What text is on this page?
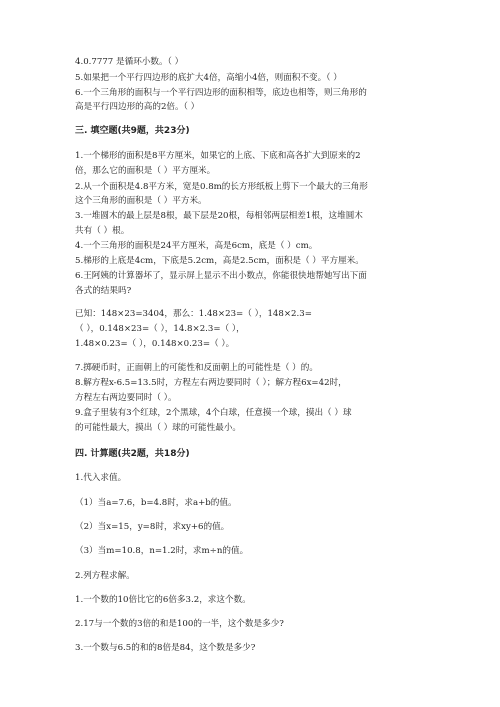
4.0.7777 是循环小数。（ ）
5.如果把一个平行四边形的底扩大4倍，高缩小4倍，则面积不变。（ ）
6.一个三角形的面积与一个平行四边形的面积相等，底边也相等，则三角形的
高是平行四边形的高的2倍。（ ）
三. 填空题(共9题，共23分)
1.一个梯形的面积是8平方厘米，如果它的上底、下底和高各扩大到原来的2
倍，那么它的面积是（ ）平方厘米。
2.从一个面积是4.8平方米，宽是0.8m的长方形纸板上剪下一个最大的三角形
这个三角形的面积是（ ）平方米。
3.一堆圆木的最上层是8根，最下层是20根，每相邻两层相差1根，这堆圆木
共有（ ）根。
4.一个三角形的面积是24平方厘米，高是6cm，底是（ ）cm。
5.梯形的上底是4cm，下底是5.2cm，高是2.5cm，面积是（ ）平方厘米。
6.王阿姨的计算器坏了，显示屏上显示不出小数点，你能很快地帮她写出下面
各式的结果吗?
已知：148×23=3404，那么：1.48×23=（ ），148×2.3=
（ ），0.148×23=（ ），14.8×2.3=（ ），
1.48×0.23=（ ），0.148×0.23=（ ）。
7.掷硬币时，正面朝上的可能性和反面朝上的可能性是（ ）的。
8.解方程x-6.5=13.5时，方程左右两边要同时（ ）；解方程6x=42时，
方程左右两边要同时（ ）。
9.盒子里装有3个红球，2个黑球，4个白球，任意摸一个球，摸出（ ）球
的可能性最大，摸出（ ）球的可能性最小。
四. 计算题(共2题，共18分)
1.代入求值。
（1）当a=7.6，b=4.8时，求a+b的值。
（2）当x=15，y=8时，求xy+6的值。
（3）当m=10.8，n=1.2时，求m÷n的值。
2.列方程求解。
1.一个数的10倍比它的6倍多3.2，求这个数。
2.17与一个数的3倍的和是100的一半，这个数是多少?
3.一个数与6.5的和的8倍是84，这个数是多少?
